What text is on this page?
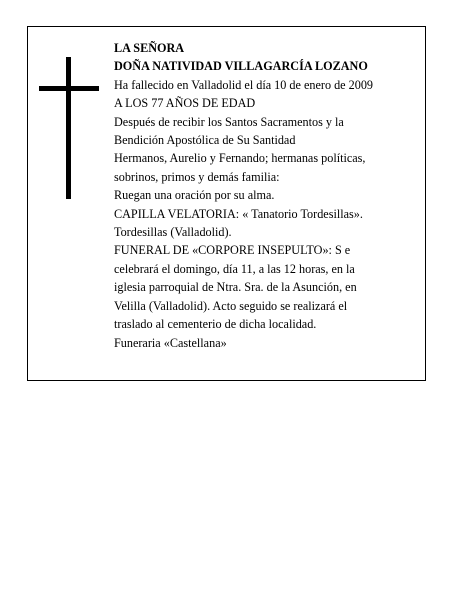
LA SEÑORA
DOÑA NATIVIDAD VILLAGARCÍA LOZANO
Ha fallecido en Valladolid el día 10 de enero de 2009
A LOS 77 AÑOS DE EDAD
Después de recibir los Santos Sacramentos y la
Bendición Apostólica de Su Santidad
Hermanos, Aurelio y Fernando; hermanas políticas,
sobrinos, primos y demás familia:
Ruegan una oración por su alma.
CAPILLA VELATORIA: « Tanatorio Tordesillas».
Tordesillas (Valladolid).
FUNERAL DE «CORPORE INSEPULTO»: S e
celebrará el domingo, día 11, a las 12 horas, en la
iglesia parroquial de Ntra. Sra. de la Asunción, en
Velilla (Valladolid). Acto seguido se realizará el
traslado al cementerio de dicha localidad.
Funeraria «Castellana»
